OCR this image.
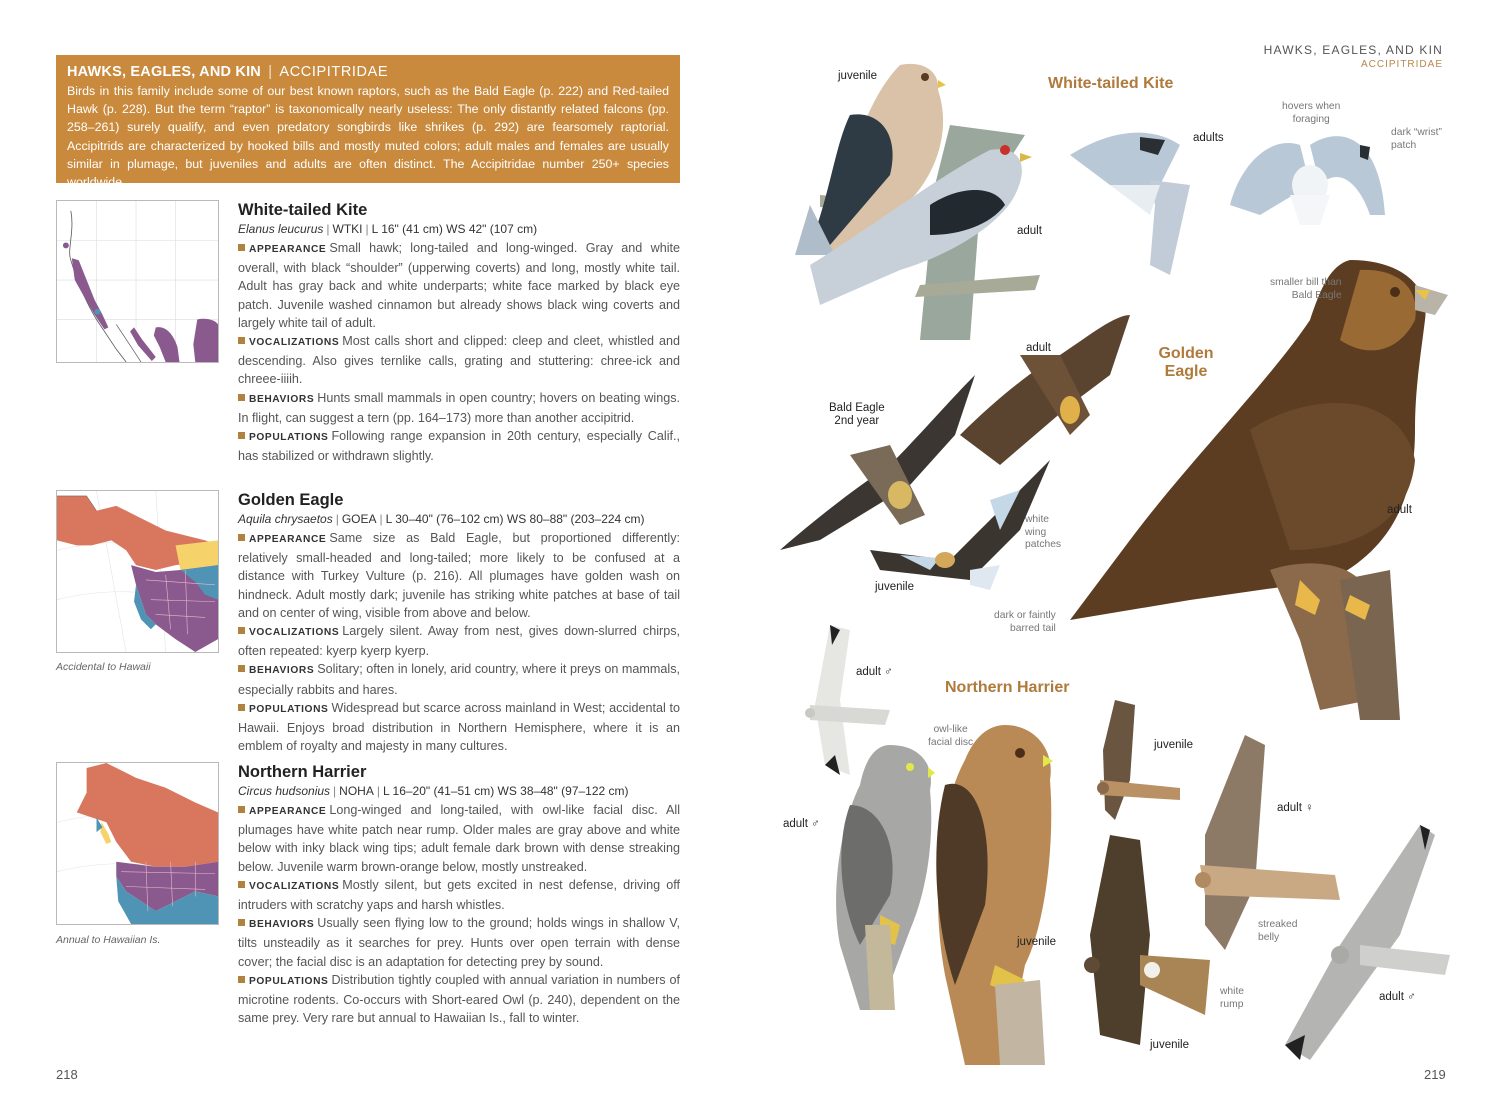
HAWKS, EAGLES, AND KIN | ACCIPITRIDAE
Birds in this family include some of our best known raptors, such as the Bald Eagle (p. 222) and Red-tailed Hawk (p. 228). But the term “raptor” is taxonomically nearly useless: The only distantly related falcons (pp. 258–261) surely qualify, and even predatory songbirds like shrikes (p. 292) are fearsomely raptorial. Accipitrids are characterized by hooked bills and mostly muted colors; adult males and females are usually similar in plumage, but juveniles and adults are often distinct. The Accipitridae number 250+ species worldwide.
White-tailed Kite
Elanus leucurus | WTKI | L 16" (41 cm) WS 42" (107 cm)
APPEARANCE Small hawk; long-tailed and long-winged. Gray and white overall, with black “shoulder” (upperwing coverts) and long, mostly white tail. Adult has gray back and white underparts; white face marked by black eye patch. Juvenile washed cinnamon but already shows black wing coverts and largely white tail of adult.
VOCALIZATIONS Most calls short and clipped: cleep and cleet, whistled and descending. Also gives ternlike calls, grating and stuttering: chree-ick and chreee-iiiih.
BEHAVIORS Hunts small mammals in open country; hovers on beating wings. In flight, can suggest a tern (pp. 164–173) more than another accipitrid.
POPULATIONS Following range expansion in 20th century, especially Calif., has stabilized or withdrawn slightly.
Accidental to Hawaii
Golden Eagle
Aquila chrysaetos | GOEA | L 30–40" (76–102 cm) WS 80–88" (203–224 cm)
APPEARANCE Same size as Bald Eagle, but proportioned differently: relatively small-headed and long-tailed; more likely to be confused at a distance with Turkey Vulture (p. 216). All plumages have golden wash on hindneck. Adult mostly dark; juvenile has striking white patches at base of tail and on center of wing, visible from above and below.
VOCALIZATIONS Largely silent. Away from nest, gives down-slurred chirps, often repeated: kyerp kyerp kyerp.
BEHAVIORS Solitary; often in lonely, arid country, where it preys on mammals, especially rabbits and hares.
POPULATIONS Widespread but scarce across mainland in West; accidental to Hawaii. Enjoys broad distribution in Northern Hemisphere, where it is an emblem of royalty and majesty in many cultures.
Annual to Hawaiian Is.
Northern Harrier
Circus hudsonius | NOHA | L 16–20" (41–51 cm) WS 38–48" (97–122 cm)
APPEARANCE Long-winged and long-tailed, with owl-like facial disc. All plumages have white patch near rump. Older males are gray above and white below with inky black wing tips; adult female dark brown with dense streaking below. Juvenile warm brown-orange below, mostly unstreaked.
VOCALIZATIONS Mostly silent, but gets excited in nest defense, driving off intruders with scratchy yaps and harsh whistles.
BEHAVIORS Usually seen flying low to the ground; holds wings in shallow V, tilts unsteadily as it searches for prey. Hunts over open terrain with dense cover; the facial disc is an adaptation for detecting prey by sound.
POPULATIONS Distribution tightly coupled with annual variation in numbers of microtine rodents. Co-occurs with Short-eared Owl (p. 240), dependent on the same prey. Very rare but annual to Hawaiian Is., fall to winter.
218
HAWKS, EAGLES, AND KIN
ACCIPITRIDAE
White-tailed Kite
Golden
Eagle
Northern Harrier
juvenile
adult
adults
hovers when
foraging
dark “wrist”
patch
smaller bill than
Bald Eagle
adult
Bald Eagle
2nd year
adult
white
wing
patches
juvenile
dark or faintly
barred tail
adult ♂
owl-like
facial disc	juvenile
adult ♀
adult ♂
streaked
belly
juvenile
white
rump
adult ♂
juvenile
219
